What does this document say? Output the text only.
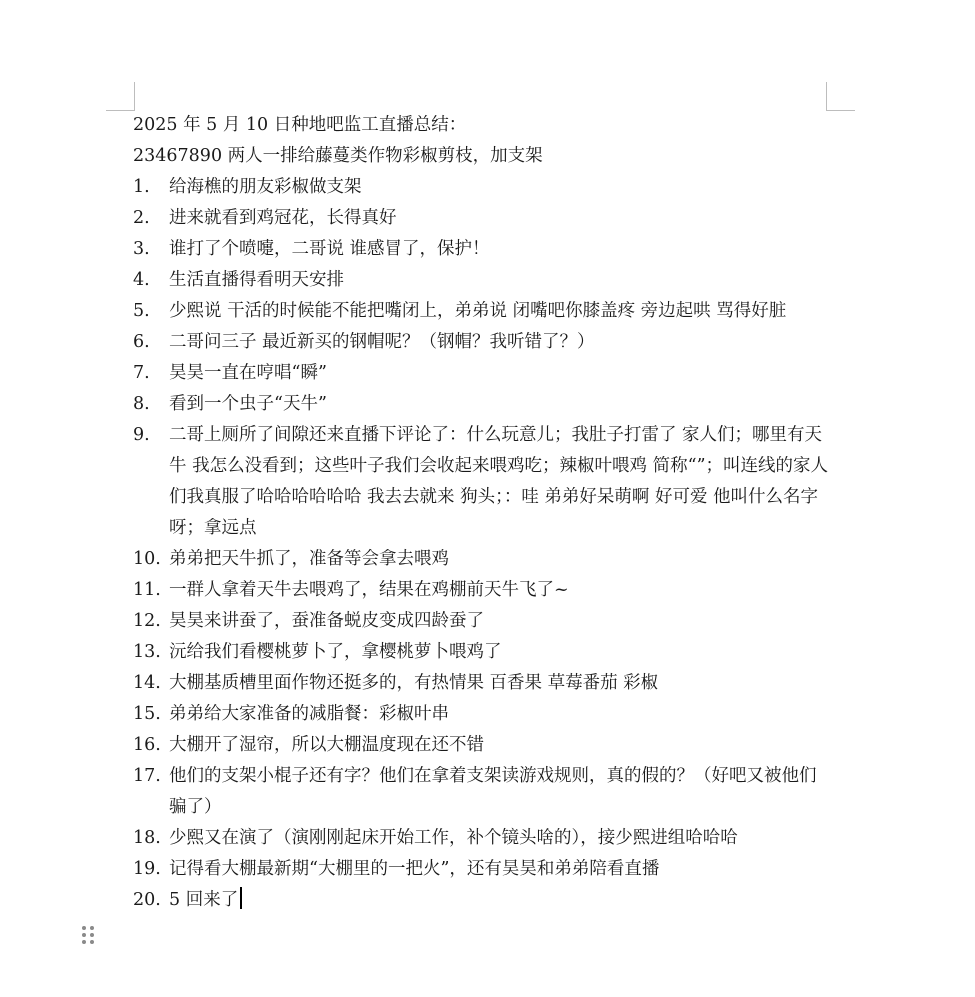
2025 年 5 月 10 日种地吧监工直播总结：
23467890 两人一排给藤蔓类作物彩椒剪枝，加支架
1. 给海樵的朋友彩椒做支架
2. 进来就看到鸡冠花，长得真好
3. 谁打了个喷嚏，二哥说 谁感冒了，保护！
4. 生活直播得看明天安排
5. 少熙说 干活的时候能不能把嘴闭上，弟弟说 闭嘴吧你膝盖疼 旁边起哄 骂得好脏
6. 二哥问三子 最近新买的钢帽呢？（钢帽？我听错了？）
7. 昊昊一直在哼唱“瞬”
8. 看到一个虫子“天牛”
9. 二哥上厕所了间隙还来直播下评论了：什么玩意儿；我肚子打雷了 家人们；哪里有天牛 我怎么没看到；这些叶子我们会收起来喂鸡吃；辣椒叶喂鸡 简称“”；叫连线的家人们我真服了哈哈哈哈哈哈 我去去就来 狗头；：哇 弟弟好呆萌啊 好可爱 他叫什么名字呀；拿远点
10. 弟弟把天牛抓了，准备等会拿去喂鸡
11. 一群人拿着天牛去喂鸡了，结果在鸡棚前天牛飞了~
12. 昊昊来讲蚕了，蚕准备蜕皮变成四龄蚕了
13. 沅给我们看樱桃萝卜了，拿樱桃萝卜喂鸡了
14. 大棚基质槽里面作物还挺多的，有热情果 百香果 草莓番茄 彩椒
15. 弟弟给大家准备的减脂餐：彩椒叶串
16. 大棚开了湿帘，所以大棚温度现在还不错
17. 他们的支架小棍子还有字？他们在拿着支架读游戏规则，真的假的？（好吧又被他们骗了）
18. 少熙又在演了（演刚刚起床开始工作，补个镜头啥的），接少熙进组哈哈哈
19. 记得看大棚最新期“大棚里的一把火”，还有昊昊和弟弟陪看直播
20. 5 回来了
